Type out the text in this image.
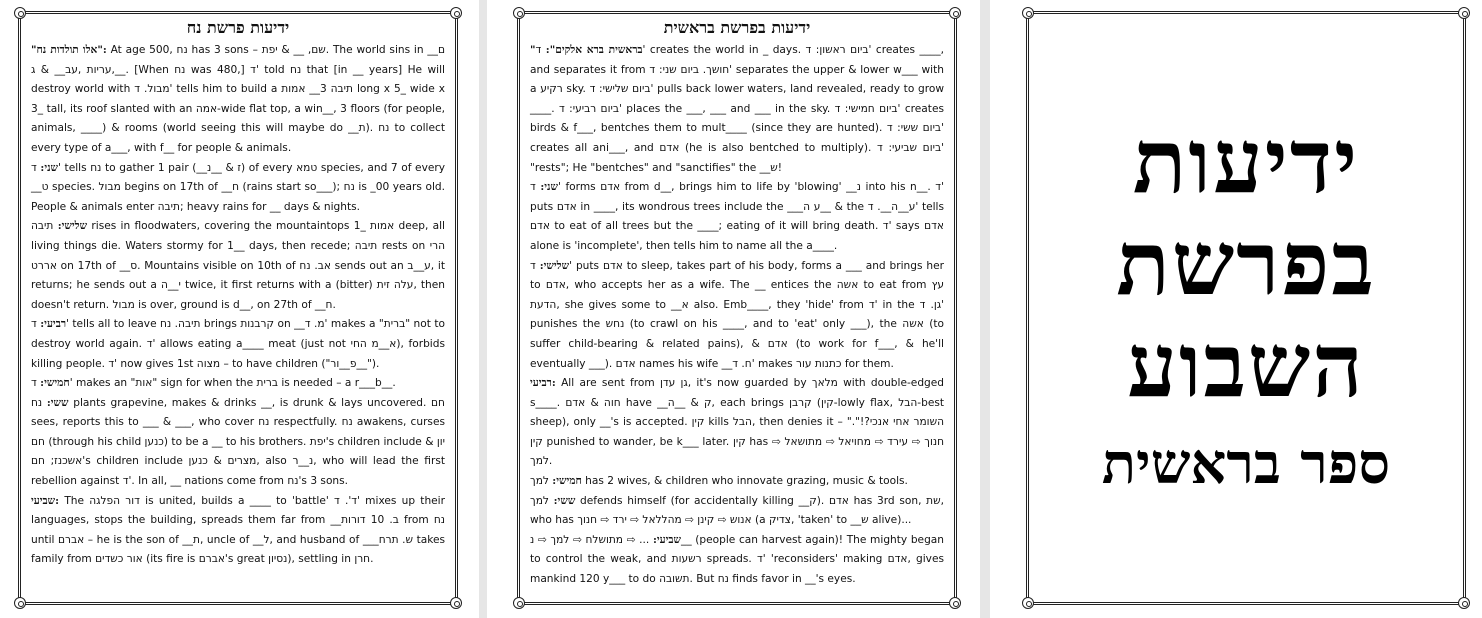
ידיעות פרשת נח
"אלו תולדות נח": At age 500, נח has 3 sons – שם, __ & יפת. The world sins in __ם ,עריות ,עב__ & ג__. [When נח was 480,] ד' told נח that [in __ years] He will destroy world with מבול. ד' tells him to build a תיבה 3__ אמות long x 5_ wide x 3_ tall, its roof slanted with an אמה-wide flat top, a win__, 3 floors (for people, animals, ____) & rooms (world seeing this will maybe do __ת). נח to collect every type of a___, with f__ for people & animals.
שני: ד' tells נח to gather 1 pair (__ז & __נ) of every טמא species, and 7 of every __ט species. מבול begins on 17th of __ח (rains start so___); נח is _00 years old. People & animals enter תיבה; heavy rains for __ days & nights.
שלישי: תיבה rises in floodwaters, covering the mountaintops 1_ אמות deep, all living things die. Waters stormy for 1__ days, then recede; תיבה rests on הרי אררט on 17th of __ס. Mountains visible on 10th of אב. נח sends out an ע__ב, it returns; he sends out a י__ה twice, it first returns with a (bitter) עלה זית, then doesn't return. מבול is over, ground is d__, on 27th of __ח.
רביעי: ד' tells all to leave תיבה. נח brings קרבנות on __מ. ד' makes a "ברית" not to destroy world again. ד' allows eating a____ meat (just not א__מ החי), forbids killing people. ד' now gives 1st מצוה – to have children ("פ__ור__").
חמישי: ד' makes an "אות" sign for when the ברית is needed – a r___b__.
ששי: נח plants grapevine, makes & drinks __, is drunk & lays uncovered. חם sees, reports this to ___ & ___, who cover נח respectfully. נח awakens, curses חם (through his child כנען) to be a __ to his brothers. יפת's children include יון & אשכנז; חם's children include מצרים & כנען, also נ__ר, who will lead the first rebellion against ד'. In all, __ nations come from נח's 3 sons.
שביעי: The דור הפלגה is united, builds a ____ to 'battle' ד'. ד' mixes up their languages, stops the building, spreads them far from __ב. 10 דורות from נח until אברם – he is the son of __ת, uncle of __ל, and husband of ___ש. תרח takes family from אור כשדים (its fire is אברם's great נסיון), settling in חרן.
ידיעות בפרשת בראשית
"בראשית ברא אלקים": ד' creates the world in _ days. ביום ראשון: ד' creates ____, and separates it from חושך. ביום שני: ד' separates the upper & lower w___ with a רקיע sky. ביום שלישי: ד' pulls back lower waters, land revealed, ready to grow ____. ביום רביעי: ד' places the ___, ___ and ___ in the sky. ביום חמישי: ד' creates birds & f___, bentches them to mult____ (since they are hunted). ביום ששי: ד' creates all ani___, and אדם (he is also bentched to multiply). ביום שביעי: ד' "rests"; He "bentches" and "sanctifies" the __ש!
שני: ד' forms אדם from d__, brings him to life by 'blowing' __נ into his n__. ד' puts אדם in ____, its wondrous trees include the ___ע ה__ & the ע__ה__. ד' tells אדם to eat of all trees but the ____; eating of it will bring death. ד' says אדם alone is 'incomplete', then tells him to name all the a____.
שלישי: ד' puts אדם to sleep, takes part of his body, forms a ___ and brings her to אדם, who accepts her as a wife. The __ entices the אשה to eat from עץ הדעת, she gives some to __א also. Emb____, they 'hide' from ד' in the גן. ד' punishes the נחש (to crawl on his ____, and to 'eat' only ___), the אשה (to suffer child-bearing & related pains), & אדם (to work for f___, & he'll eventually ___). אדם names his wife __ח. ד' makes כתנות עור for them.
רביעי: All are sent from גן עדן, it's now guarded by מלאך with double-edged s____. חוה & אדם have __ק & __ה, each brings קרבן (קין-lowly flax, הבל-best sheep), only __'s is accepted. קין kills הבל, then denies it – "השומר אחי אנכי?!". קין punished to wander, be k___ later. קין has חנוך ⇨ עירד ⇨ מחויאל ⇨ מתושאל ⇨ למך.
חמישי: למך has 2 wives, & children who innovate grazing, music & tools.
ששי: למך defends himself (for accidentally killing __ק). אדם has 3rd son, שת, who has אנוש ⇨ קינן ⇨ מהללאל ⇨ ירד ⇨ חנוך (a צדיק, 'taken' to __ש alive)...
שביעי: ... ⇨ מתושלח ⇨ למך ⇨ נ__ (people can harvest again)! The mighty began to control the weak, and רשעות spreads. ד' 'reconsiders' making אדם, gives mankind 120 y___ to do תשובה. But נח finds favor in __'s eyes.
ידיעות
בפרשת
השבוע
ספר בראשית
